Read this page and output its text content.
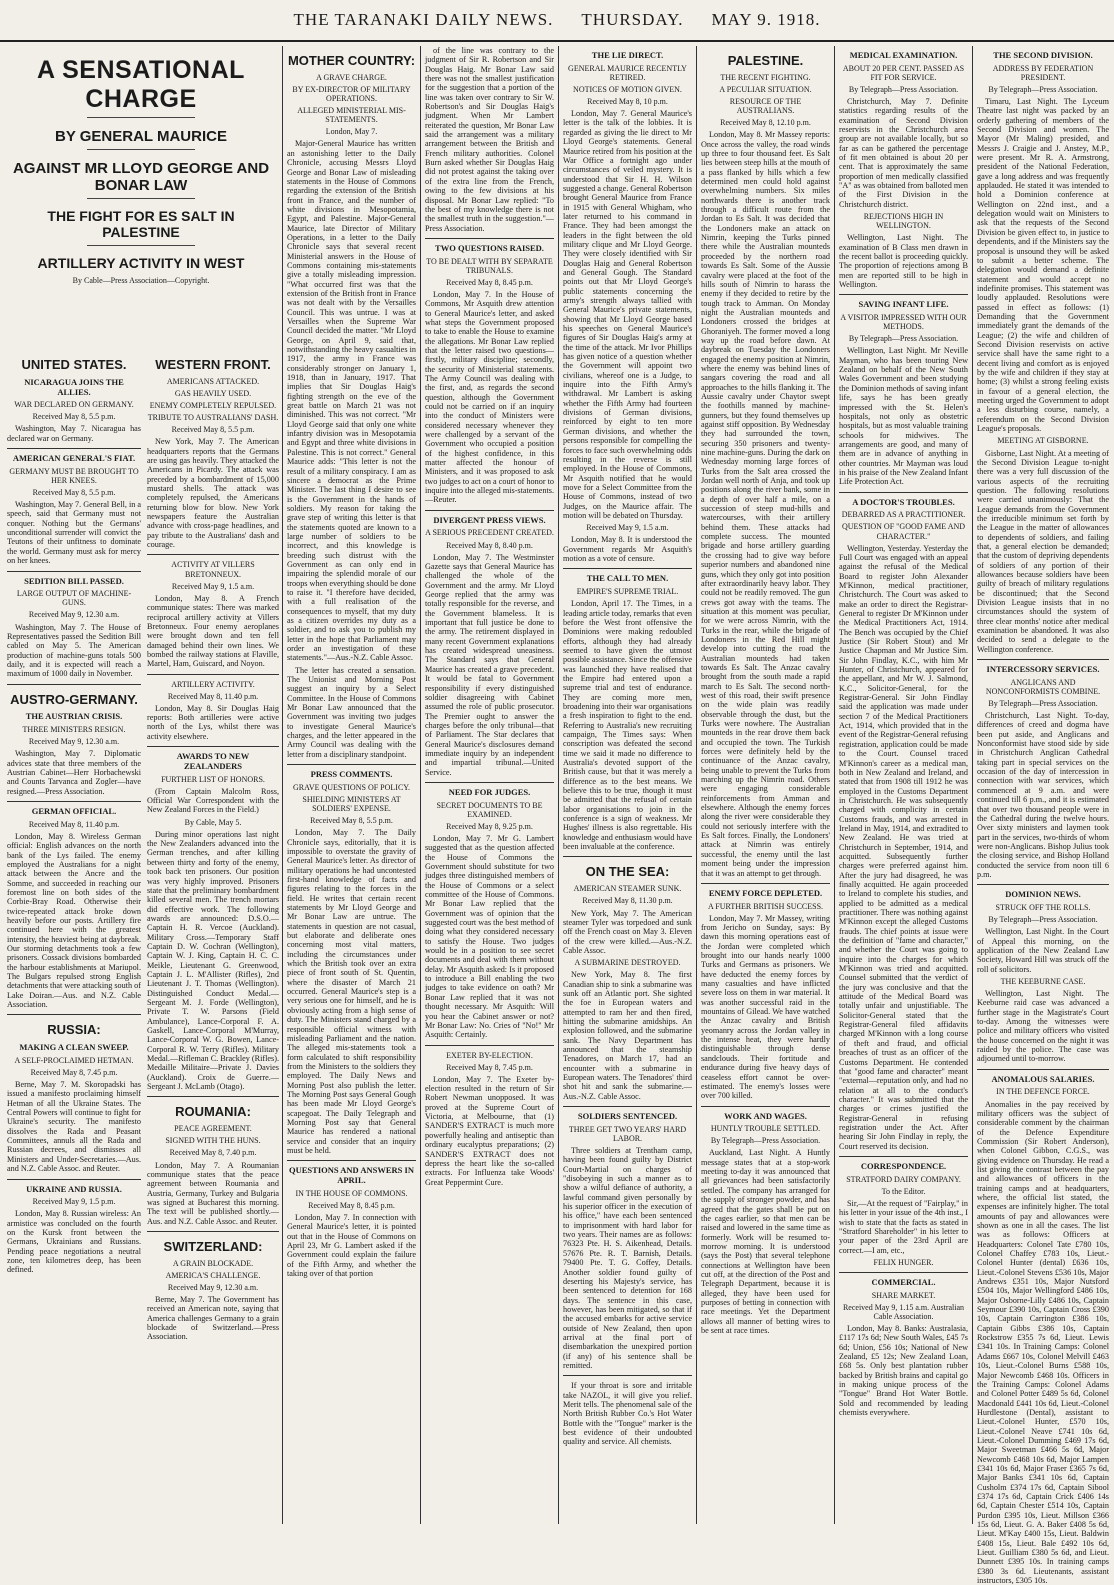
THE TARANAKI DAILY NEWS. THURSDAY. MAY 9. 1918.
A SENSATIONAL CHARGE
BY GENERAL MAURICE
AGAINST MR LLOYD GEORGE AND BONAR LAW
THE FIGHT FOR ES SALT IN PALESTINE
ARTILLERY ACTIVITY IN WEST
By Cable—Press Association—Copyright.
UNITED STATES.
NICARAGUA JOINS THE ALLIES.
WAR DECLARED ON GERMANY.
Received May 8, 5.5 p.m.

Washington, May 7. Nicaragua has declared war on Germany.

AMERICAN GENERAL'S FIAT.
GERMANY MUST BE BROUGHT TO HER KNEES.
Received May 8, 5.5 p.m.

Washington, May 7. General Bell, in a speech, said that Germany must not conquer. Nothing but the Germans' unconditional surrender will convict the Teutons of their unfitness to dominate the world. Germany must ask for mercy on her knees.

SEDITION BILL PASSED.
LARGE OUTPUT OF MACHINE-GUNS.
Received May 9, 12.30 a.m.

Washington, May 7. The House of Representatives passed the Sedition Bill cabled on May 5. The American production of machine-guns totals 500 daily, and it is expected will reach a maximum of 1000 daily in November.

AUSTRO-GERMANY.
THE AUSTRIAN CRISIS.
THREE MINISTERS RESIGN.
Received May 9, 12.30 a.m.

Washington, May 7. Diplomatic advices state that three members of the Austrian Cabinet—Herr Horbachewski and Counts Tarvanca and Zogler—have resigned.—Press Association.

GERMAN OFFICIAL.
Received May 8, 11.40 p.m.

London, May 8. Wireless German official: English advances on the north bank of the Lys failed. The enemy employed the Australians for a night attack between the Ancre and the Somme, and succeeded in reaching our foremost line on both sides of the Corbie-Bray Road. Otherwise their twice-repeated attack broke down heavily before our posts. Artillery fire continued here with the greatest intensity, the heaviest being at daybreak. Our storming detachments took a few prisoners. Cossack divisions bombarded the harbour establishments at Mariupol. The Bulgars repulsed strong English detachments that were attacking south of Lake Doiran.—Aus. and N.Z. Cable Association.

RUSSIA:
MAKING A CLEAN SWEEP.
A SELF-PROCLAIMED HETMAN.
Received May 8, 7.45 p.m.

Berne, May 7. M. Skoropadski has issued a manifesto proclaiming himself Hetman of all the Ukraine States. The Central Powers will continue to fight for Ukraine's security. The manifesto dissolves the Rada and Peasant Committees, annuls all the Rada and Russian decrees, and dismisses all Ministers and Under-Secretaries.—Aus. and N.Z. Cable Assoc. and Reuter.

UKRAINE AND RUSSIA.
Received May 9, 1.5 p.m.

London, May 8. Russian wireless: An armistice was concluded on the fourth on the Kursk front between the Germans, Ukrainians and Russians. Pending peace negotiations a neutral zone, ten kilometres deep, has been defined.

WESTERN FRONT.
AMERICANS ATTACKED.
GAS HEAVILY USED.
ENEMY COMPLETELY REPULSED.
TRIBUTE TO AUSTRALIANS' DASH.
Received May 8, 5.5 p.m.

New York, May 7. The American headquarters reports that the Germans are using gas heavily. They attacked the Americans in Picardy. The attack was preceded by a bombardment of 15,000 mustard shells. The attack was completely repulsed, the Americans returning blow for blow. New York newspapers feature the Australian advance with cross-page headlines, and pay tribute to the Australians' dash and courage.

ACTIVITY AT VILLERS BRETONNEUX.
Received May 9, 1.5 a.m.

London, May 8. A French communique states: There was marked reciprocal artillery activity at Villers Bretonneux. Four enemy aeroplanes were brought down and ten fell damaged behind their own lines. We bombed the railway stations at Flaville, Martel, Ham, Guiscard, and Noyon.

ARTILLERY ACTIVITY.
Received May 8, 11.40 p.m.

London, May 8. Sir Douglas Haig reports: Both artilleries were active north of the Lys, whilst there was activity elsewhere.

AWARDS TO NEW ZEALANDERS
FURTHER LIST OF HONORS.

(From Captain Malcolm Ross, Official War Correspondent with the New Zealand Forces in the Field.)

By Cable, May 5.

During minor operations last night the New Zealanders advanced into the German trenches, and after killing between thirty and forty of the enemy, took back ten prisoners. Our position was very highly improved. Prisoners state that the preliminary bombardment killed several men. The trench mortars did effective work. The following awards are announced: D.S.O.—Captain H. R. Vercoe (Auckland). Military Cross.—Temporary Staff Captain D. W. Cochran (Wellington), Captain W. J. King, Captain H. C. C. Meikle, Lieutenant G. Greenwood, Captain J. L. M'Allister (Rifles), 2nd Lieutenant J. T. Thomas (Wellington). Distinguished Conduct Medal.—Sergeant M. J. Forde (Wellington), Private T. W. Parsons (Field Ambulance), Lance-Corporal F. A. Gaskell, Lance-Corporal M'Murray, Lance-Corporal W. G. Bowen, Lance-Corporal R. W. Terry (Rifles). Military Medal.—Rifleman C. Brackley (Rifles). Medaille Militaire—Private J. Davies (Auckland). Croix de Guerre.—Sergeant J. McLamb (Otago).

ROUMANIA:
PEACE AGREEMENT.
SIGNED WITH THE HUNS.
Received May 8, 7.40 p.m.

London, May 7. A Roumanian communique states that the peace agreement between Roumania and Austria, Germany, Turkey and Bulgaria was signed at Bucharest this morning. The text will be published shortly.—Aus. and N.Z. Cable Assoc. and Reuter.

SWITZERLAND:
A GRAIN BLOCKADE.
AMERICA'S CHALLENGE.
Received May 9, 12.30 a.m.

Berne, May 7. The Government has received an American note, saying that America challenges Germany to a grain blockade of Switzerland.—Press Association.

MOTHER COUNTRY:
A GRAVE CHARGE.
BY EX-DIRECTOR OF MILITARY OPERATIONS.
ALLEGED MINISTERIAL MIS-STATEMENTS.
London, May 7.

Major-General Maurice has written an astonishing letter to the Daily Chronicle, accusing Messrs Lloyd George and Bonar Law of misleading statements in the House of Commons regarding the extension of the British front in France, and the number of white divisions in Mesopotamia, Egypt, and Palestine. Major-General Maurice, late Director of Military Operations, in a letter to the Daily Chronicle says that several recent Ministerial answers in the House of Commons containing mis-statements give a totally misleading impression. "What occurred first was that the extension of the British front in France was not dealt with by the Versailles Council. This was untrue. I was at Versailles when the Supreme War Council decided the matter. "Mr Lloyd George, on April 9, said that, notwithstanding the heavy casualties in 1917, the army in France was considerably stronger on January 1, 1918, than in January, 1917. That implies that Sir Douglas Haig's fighting strength on the eve of the great battle on March 21 was not diminished. This was not correct. "Mr Lloyd George said that only one white infantry division was in Mesopotamia and Egypt and three white divisions in Palestine. This is not correct." General Maurice adds: "This letter is not the result of a military conspiracy. I am as sincere a democrat as the Prime Minister. The last thing I desire to see is the Government in the hands of soldiers. My reason for taking the grave step of writing this letter is that the statements quoted are known to a large number of soldiers to be incorrect, and this knowledge is breeding such distrust with the Government as can only end in impairing the splendid morale of our troops when everything should be done to raise it. "I therefore have decided, with a full realisation of the consequences to myself, that my duty as a citizen overrides my duty as a soldier, and to ask you to publish my letter in the hope that Parliament may order an investigation of these statements."—Aus.-N.Z. Cable Assoc.

The letter has created a sensation. The Unionist and Morning Post suggest an inquiry by a Select Committee. In the House of Commons Mr Bonar Law announced that the Government was inviting two judges to investigate General Maurice's charges, and the letter appeared in the Army Council was dealing with the letter from a disciplinary standpoint.

PRESS COMMENTS.
GRAVE QUESTIONS OF POLICY.
SHIELDING MINISTERS AT SOLDIERS' EXPENSE.
Received May 8, 5.5 p.m.

London, May 7. The Daily Chronicle says, editorially, that it is impossible to overstate the gravity of General Maurice's letter. As director of military operations he had uncontested first-hand knowledge of facts and figures relating to the forces in the field. He writes that certain recent statements by Mr Lloyd George and Mr Bonar Law are untrue. The statements in question are not casual, but elaborate and deliberate ones concerning most vital matters, including the circumstances under which the British took over an extra piece of front south of St. Quentin, where the disaster of March 21 occurred. General Maurice's step is a very serious one for himself, and he is obviously acting from a high sense of duty. The Ministers stand charged by a responsible official witness with misleading Parliament and the nation. The alleged mis-statements took a form calculated to shift responsibility from the Ministers to the soldiers they employed. The Daily News and Morning Post also publish the letter. The Morning Post says General Gough has been made Mr Lloyd George's scapegoat. The Daily Telegraph and Morning Post say that General Maurice has rendered a national service and consider that an inquiry must be held.

QUESTIONS AND ANSWERS IN APRIL.
IN THE HOUSE OF COMMONS.
Received May 8, 8.45 p.m.

London, May 7. In connection with General Maurice's letter, it is pointed out that in the House of Commons on April 23, Mr G. Lambert asked if the Government could explain the failure of the Fifth Army, and whether the taking over of that portion

of the line was contrary to the judgment of Sir R. Robertson and Sir Douglas Haig. Mr Bonar Law said there was not the smallest justification for the suggestion that a portion of the line was taken over contrary to Sir W. Robertson's and Sir Douglas Haig's judgment. When Mr Lambert reiterated the question, Mr Bonar Law said the arrangement was a military arrangement between the British and French military authorities. Colonel Burn asked whether Sir Douglas Haig did not protest against the taking over of the extra line from the French, owing to the few divisions at his disposal. Mr Bonar Law replied: "To the best of my knowledge there is not the smallest truth in the suggestion."—Press Association.

TWO QUESTIONS RAISED.
TO BE DEALT WITH BY SEPARATE TRIBUNALS.
Received May 8, 8.45 p.m.

London, May 7. In the House of Commons, Mr Asquith drew attention to General Maurice's letter, and asked what steps the Government proposed to take to enable the House to examine the allegations. Mr Bonar Law replied that the letter raised two questions—firstly, military discipline; secondly, the security of Ministerial statements. The Army Council was dealing with the first, and, as regards the second question, although the Government could not be carried on if an inquiry into the conduct of Ministers were considered necessary whenever they were challenged by a servant of the Government who occupied a position of the highest confidence, in this matter affected the honour of Ministers, and it was proposed to ask two judges to act on a court of honor to inquire into the alleged mis-statements.—Reuter.

DIVERGENT PRESS VIEWS.
A SERIOUS PRECEDENT CREATED.
Received May 8, 8.40 p.m.

London, May 7. The Westminster Gazette says that General Maurice has challenged the whole of the Government and the army. Mr Lloyd George replied that the army was totally responsible for the reverse, and the Government blameless. It is important that full justice be done to the army. The retirement displayed in many recent Government explanations has created widespread uneasiness. The Standard says that General Maurice has created a grave precedent. It would be fatal to Government responsibility if every distinguished soldier disagreeing with Cabinet assumed the role of public prosecutor. The Premier ought to answer the charges before the only tribunal—that of Parliament. The Star declares that General Maurice's disclosures demand immediate inquiry by an independent and impartial tribunal.—United Service.

NEED FOR JUDGES.
SECRET DOCUMENTS TO BE EXAMINED.
Received May 8, 9.25 p.m.

London, May 7. Mr G. Lambert suggested that as the question affected the House of Commons the Government should substitute for two judges three distinguished members of the House of Commons or a select committee of the House of Commons. Mr Bonar Law replied that the Government was of opinion that the suggested court was the best method of doing what they considered necessary to satisfy the House. Two judges would be in a position to see secret documents and deal with them without delay. Mr Asquith asked: Is it proposed to introduce a Bill enabling the two judges to take evidence on oath? Mr Bonar Law replied that it was not thought necessary. Mr Asquith: Will you hear the Cabinet answer or not? Mr Bonar Law: No. Cries of "No!" Mr Asquith: Certainly.

EXETER BY-ELECTION.
Received May 8, 7.45 p.m.

London, May 7. The Exeter by-election resulted in the return of Sir Robert Newman unopposed. It was proved at the Supreme Court of Victoria, at Melbourne, that (1) SANDER'S EXTRACT is much more powerfully healing and antiseptic than ordinary eucalyptus preparations; (2) SANDER'S EXTRACT does not depress the heart like the so-called extracts. For Influenza take Woods' Great Peppermint Cure.

THE LIE DIRECT.
GENERAL MAURICE RECENTLY RETIRED.
NOTICES OF MOTION GIVEN.
Received May 8, 10 p.m.

London, May 7. General Maurice's letter is the talk of the lobbies. It is regarded as giving the lie direct to Mr Lloyd George's statements. General Maurice retired from his position at the War Office a fortnight ago under circumstances of veiled mystery. It is understood that Sir H. H. Wilson suggested a change. General Robertson brought General Maurice from France in 1915 with General Whigham, who later returned to his command in France. They had been amongst the leaders in the fight between the old military clique and Mr Lloyd George. They were closely identified with Sir Douglas Haig and General Robertson and General Gough. The Standard points out that Mr Lloyd George's public statements concerning the army's strength always tallied with General Maurice's private statements, showing that Mr Lloyd George based his speeches on General Maurice's figures of Sir Douglas Haig's army at the time of the attack. Mr Ivor Phillips has given notice of a question whether the Government will appoint two civilians, whereof one is a Judge, to inquire into the Fifth Army's withdrawal. Mr Lambert is asking whether the Fifth Army had fourteen divisions of German divisions, reinforced by eight to ten more German divisions, and whether the persons responsible for compelling the forces to face such overwhelming odds resulting in the reverse is still employed. In the House of Commons, Mr Asquith notified that he would move for a Select Committee from the House of Commons, instead of two Judges, on the Maurice affair. The motion will be debated on Thursday.

Received May 9, 1.5 a.m.

London, May 8. It is understood the Government regards Mr Asquith's motion as a vote of censure.

THE CALL TO MEN.
EMPIRE'S SUPREME TRIAL.

London, April 17. The Times, in a leading article today, remarks that even before the West front offensive the Dominions were making redoubled efforts, although they had already seemed to have given the utmost possible assistance. Since the offensive was launched they have realised that the Empire had entered upon a supreme trial and test of endurance. They are coming more men, broadening into their war organisations a fresh inspiration to fight to the end. Referring to Australia's new recruiting campaign, The Times says: When conscription was defeated the second time we said it made no difference to Australia's devoted support of the British cause, but that it was merely a difference as to the best means. We believe this to be true, though it must be admitted that the refusal of certain labor organisations to join in the conference is a sign of weakness. Mr Hughes' illness is also regrettable. His knowledge and enthusiasm would have been invaluable at the conference.

ON THE SEA:
AMERICAN STEAMER SUNK.
Received May 8, 11.30 p.m.

New York, May 7. The American steamer Tyler was torpedoed and sunk off the French coast on May 3. Eleven of the crew were killed.—Aus.-N.Z. Cable Assoc.

A SUBMARINE DESTROYED.

New York, May 8. The first Canadian ship to sink a submarine was sunk off an Atlantic port. She sighted the foe in European waters and attempted to ram her and then fired, hitting the submarine amidships. An explosion followed, and the submarine sank. The Navy Department has announced that the steamship Tenadores, on March 17, had an encounter with a submarine in European waters. The Tenadores' third shot hit and sank the submarine.—Aus.-N.Z. Cable Assoc.

SOLDIERS SENTENCED.
THREE GET TWO YEARS' HARD LABOR.

Three soldiers at Trentham camp, having been found guilty by District Court-Martial on charges of "disobeying in such a manner as to show a wilful defiance of authority, a lawful command given personally by his superior officer in the execution of his office," have each been sentenced to imprisonment with hard labor for two years. Their names are as follows: 76323 Pte. H. S. Aikenhead, Details. 57676 Pte. R. T. Barnish, Details. 79400 Pte. T. G. Coffey, Details. Another soldier found guilty of deserting his Majesty's service, has been sentenced to detention for 168 days. The sentence in this case, however, has been mitigated, so that if the accused embarks for active service outside of New Zealand, then upon arrival at the final port of disembarkation the unexpired portion (if any) of his sentence shall be remitted.

If your throat is sore and irritable take NAZOL, it will give you relief. Merit tells. The phenomenal sale of the North British Rubber Co.'s Hot Water Bottle with the "Tongue" marker is the best evidence of their undoubted quality and service. All chemists.

PALESTINE.
THE RECENT FIGHTING.
A PECULIAR SITUATION.
RESOURCE OF THE AUSTRALIANS.
Received May 8, 12.10 p.m.

London, May 8. Mr Massey reports: Once across the valley, the road winds up three to four thousand feet. Es Salt lies between steep hills at the mouth of a pass flanked by hills which a few determined men could hold against overwhelming numbers. Six miles northwards there is another track through a difficult route from the Jordan to Es Salt. It was decided that the Londoners make an attack on Nimrin, keeping the Turks pinned there while the Australian mounteds proceeded by the northern road towards Es Salt. Some of the Aussie cavalry were placed at the foot of the hills south of Nimrin to harass the enemy if they decided to retire by the tough track to Amman. On Monday night the Australian mounteds and Londoners crossed the bridges at Ghoraniyeh. The former moved a long way up the road before dawn. At daybreak on Tuesday the Londoners engaged the enemy position at Nimrin, where the enemy was behind lines of sangars covering the road and all approaches to the hills flanking it. The Aussie cavalry under Chaytor swept the foothills manned by machine-gunners, but they found themselves up against stiff opposition. By Wednesday they had surrounded the town, securing 350 prisoners and twenty-nine machine-guns. During the dark on Wednesday morning large forces of Turks from the Salt area crossed the Jordan well north of Anja, and took up positions along the river bank, some in a depth of over half a mile, on a succession of steep mud-hills and watercourses, with their artillery behind them. These attacks had complete success. The mounted brigade and horse artillery guarding the crossing had to give way before superior numbers and abandoned nine guns, which they only got into position after extraordinarily heavy labor. They could not be readily removed. The gun crews got away with the teams. The situation at this moment was peculiar, for we were across Nimrin, with the Turks in the rear, while the brigade of Londoners in the Red Hill might develop into cutting the road the Australian mounteds had taken towards Es Salt. The Anzac cavalry brought from the south made a rapid march to Es Salt. The second north-west of this road, their swift presence on the wide plain was readily observable through the dust, but the Turks were nowhere. The Australian mounteds in the rear drove them back and occupied the town. The Turkish forces were definitely held by the continuance of the Anzac cavalry, being unable to prevent the Turks from marching up the Nimrin road. Others were engaging considerable reinforcements from Amman and elsewhere. Although the enemy forces along the river were considerable they could not seriously interfere with the Es Salt forces. Finally, the Londoners' attack at Nimrin was entirely successful, the enemy until the last moment being under the impression that it was an attempt to get through.

ENEMY FORCE DEPLETED.
A FURTHER BRITISH SUCCESS.

London, May 7. Mr Massey, writing from Jericho on Sunday, says: By dawn this morning operations east of the Jordan were completed which brought into our hands nearly 1000 Turks and Germans as prisoners. We have deducted the enemy forces by many casualties and have inflicted severe loss on them in war material. It was another successful raid in the mountains of Gilead. We have watched the Anzac cavalry and British yeomanry across the Jordan valley in the intense heat, they were hardly distinguishable through dense sandclouds. Their fortitude and endurance during five heavy days of ceaseless effort cannot be over-estimated. The enemy's losses were over 700 killed.

WORK AND WAGES.
HUNTLY TROUBLE SETTLED.
By Telegraph—Press Association.

Auckland, Last Night. A Huntly message states that at a stop-work meeting to-day it was announced that all grievances had been satisfactorily settled. The company has arranged for the supply of stronger powder, and has agreed that the gates shall be put on the cages earlier, so that men can be raised and lowered in the same time as formerly. Work will be resumed to-morrow morning. It is understood (says the Post) that several telephone connections at Wellington have been cut off, at the direction of the Post and Telegraph Department, because it is alleged, they have been used for purposes of betting in connection with race meetings. Yet the Department allows all manner of betting wires to be sent at race times.

MEDICAL EXAMINATION.
ABOUT 20 PER CENT. PASSED AS FIT FOR SERVICE.
By Telegraph—Press Association.

Christchurch, May 7. Definite statistics regarding results of the examination of Second Division reservists in the Christchurch area group are not available locally, but so far as can be gathered the percentage of fit men obtained is about 20 per cent. That is approximately the same proportion of men medically classified "A" as was obtained from balloted men of the First Division in the Christchurch district.

REJECTIONS HIGH IN WELLINGTON.

Wellington, Last Night. The examination of B Class men drawn in the recent ballot is proceeding quickly. The proportion of rejections among B men are reported still to be high in Wellington.

SAVING INFANT LIFE.
A VISITOR IMPRESSED WITH OUR METHODS.
By Telegraph—Press Association.

Wellington, Last Night. Mr Neville Mayman, who has been touring New Zealand on behalf of the New South Wales Government and been studying the Dominion methods of saving infant life, says he has been greatly impressed with the St. Helen's hospitals, not only as obstetric hospitals, but as most valuable training schools for midwives. The arrangements are good, and many of them are in advance of anything in other countries. Mr Mayman was loud in his praise of the New Zealand Infant Life Protection Act.

A DOCTOR'S TROUBLES.
DEBARRED AS A PRACTITIONER.
QUESTION OF "GOOD FAME AND CHARACTER."

Wellington, Yesterday. Yesterday the Full Court was engaged with an appeal against the refusal of the Medical Board to register John Alexander M'Kinnon, medical practitioner, Christchurch. The Court was asked to make an order to direct the Registrar-General to register Dr M'Kinnon under the Medical Practitioners Act, 1914. The Bench was occupied by the Chief Justice (Sir Robert Stout) and Mr Justice Chapman and Mr Justice Sim. Sir John Findlay, K.C., with him Mr Hunter, of Christchurch, appeared for the appellant, and Mr W. J. Salmond, K.C., Solicitor-General, for the Registrar-General. Sir John Findlay said the application was made under section 7 of the Medical Practitioners Act, 1914, which provided that in the event of the Registrar-General refusing registration, application could be made to the Court. Counsel traced M'Kinnon's career as a medical man, both in New Zealand and Ireland, and stated that from 1908 till 1912 he was employed in the Customs Department in Christchurch. He was subsequently charged with complicity in certain Customs frauds, and was arrested in Ireland in May, 1914, and extradited to New Zealand. He was tried at Christchurch in September, 1914, and acquitted. Subsequently further charges were preferred against him. After the jury had disagreed, he was finally acquitted. He again proceeded to Ireland to complete his studies, and applied to be admitted as a medical practitioner. There was nothing against M'Kinnon except the alleged Customs frauds. The chief points at issue were the definition of "fame and character," and whether the Court was going to inquire into the charges for which M'Kinnon was tried and acquitted. Counsel submitted that the verdict of the jury was conclusive and that the attitude of the Medical Board was totally unfair and unjustifiable. The Solicitor-General stated that the Registrar-General filed affidavits charged M'Kinnon with a long course of theft and fraud, and official breaches of trust as an officer of the Customs Department. He contended that "good fame and character" meant "external—reputation only, and had no relation at all to the conduct's character." It was submitted that the charges or crimes justified the Registrar-General in refusing registration under the Act. After hearing Sir John Findlay in reply, the Court reserved its decision.

CORRESPONDENCE.
STRATFORD DAIRY COMPANY.
To the Editor.

Sir,—At the request of "Fairplay," in his letter in your issue of the 4th inst., I wish to state that the facts as stated in "Stratford Shareholder" in his letter to your paper of the 23rd April are correct.—I am, etc.,

FELIX HUNGER.
COMMERCIAL.
SHARE MARKET.
Received May 9, 1.15 a.m. Australian Cable Association.

London, May 8. Banks: Australasia, £117 17s 6d; New South Wales, £45 7s 6d; Union, £56 10s; National of New Zealand, £5 12s; New Zealand Loan, £68 5s. Only best plantation rubber backed by British brains and capital go in making unique process of the "Tongue" Brand Hot Water Bottle. Sold and recommended by leading chemists everywhere.

THE SECOND DIVISION.
ADDRESS BY FEDERATION PRESIDENT.
By Telegraph—Press Association.

Timaru, Last Night. The Lyceum Theatre last night was packed by an orderly gathering of members of the Second Division and women. The Mayor (Mr Maling) presided, and Messrs J. Craigie and J. Anstey, M.P., were present. Mr R. A. Armstrong, president of the National Federation, gave a long address and was frequently applauded. He stated it was intended to hold a Dominion conference at Wellington on 22nd inst., and a delegation would wait on Ministers to ask that the requests of the Second Division be given effect to, in justice to dependents, and if the Ministers say the proposal is unsound they will be asked to submit a better scheme. The delegation would demand a definite statement and would accept no indefinite promises. This statement was loudly applauded. Resolutions were passed in effect as follows: (1) Demanding that the Government immediately grant the demands of the League; (2) the wife and children of Second Division reservists on active service shall have the same right to a decent living and comfort as is enjoyed by the wife and children if they stay at home; (3) whilst a strong feeling exists in favour of a general election, the meeting urged the Government to adopt a less disturbing course, namely, a referendum on the Second Division League's proposals.

MEETING AT GISBORNE.

Gisborne, Last Night. At a meeting of the Second Division League to-night there was a very full discussion of the various aspects of the recruiting question. The following resolutions were carried unanimously: That the League demands from the Government the irreducible minimum set forth by the League in the matter of allowances to dependents of soldiers, and failing that, a general election be demanded; that the custom of depriving dependents of soldiers of any portion of their allowances because soldiers have been guilty of breach of military regulations be discontinued; that the Second Division League insists that in no circumstances should the system of three clear months' notice after medical examination be abandoned. It was also decided to send a delegate to the Wellington conference.

INTERCESSORY SERVICES.
ANGLICANS AND NONCONFORMISTS COMBINE.
By Telegraph—Press Association.

Christchurch, Last Night. To-day, differences of creed and dogma have been put aside, and Anglicans and Nonconformist have stood side by side in Christchurch Anglican Cathedral taking part in special services on the occasion of the day of intercession in connection with war services, which commenced at 9 a.m. and were continued till 6 p.m., and it is estimated that over two thousand people were in the Cathedral during the twelve hours. Over sixty ministers and laymen took part in the services, two-thirds of whom were non-Anglicans. Bishop Julius took the closing service, and Bishop Holland conducted the service from noon till 6 p.m.

DOMINION NEWS.
STRUCK OFF THE ROLLS.
By Telegraph—Press Association.

Wellington, Last Night. In the Court of Appeal this morning, on the application of the New Zealand Law Society, Howard Hill was struck off the roll of solicitors.

THE KEEBURNE CASE.

Wellington, Last Night. The Keeburne raid case was advanced a further stage in the Magistrate's Court to-day. Among the witnesses were police and military officers who visited the house concerned on the night it was raided by the police. The case was adjourned until to-morrow.

ANOMALOUS SALARIES.
IN THE DEFENCE FORCE.

Anomalies in the pay received by military officers was the subject of considerable comment by the chairman of the Defence Expenditure Commission (Sir Robert Anderson), when Colonel Gibbon, C.G.S., was giving evidence on Thursday. He read a list giving the contrast between the pay and allowances of officers in the training camps and at headquarters, where, the official list stated, the expenses are infinitely higher. The total amounts of pay and allowances were shown as one in all the cases. The list was as follows: Officers at Headquarters: Colonel Tate £780 10s, Colonel Chaffey £783 10s, Lieut.-Colonel Hunter (dental) £636 10s, Lieut.-Colonel Stevens £536 10s, Major Andrews £351 10s, Major Nutsford £504 10s, Major Wellingford £486 10s, Major Osborne-Lilly £486 10s, Captain Seymour £390 10s, Captain Cross £390 10s, Captain Carrington £386 10s, Captain Gibbs £386 10s, Captain Rockstrow £355 7s 6d, Lieut. Lewis £341 10s. In Training Camps: Colonel Adams £667 10s, Colonel Melvill £463 10s, Lieut.-Colonel Burns £588 10s, Major Newcomb £468 10s. Officers in the Training Camps: Colonel Adams and Colonel Potter £489 5s 6d, Colonel Macdonald £441 10s 6d, Lieut.-Colonel Hurdlestone (Dental), assistant to Lieut.-Colonel Hunter, £570 10s, Lieut.-Colonel Neave £741 10s 6d, Lieut.-Colonel Dumming £469 17s 6d, Major Sweetman £466 5s 6d, Major Newcomb £468 10s 6d, Major Lampen £341 10s 6d, Major Fraser £365 7s 6d, Major Banks £341 10s 6d, Captain Cusholm £374 17s 6d, Captain Sibool £374 17s 6d, Captain Crick £406 14s 6d, Captain Chester £514 10s, Captain Purdon £395 10s, Lieut. Millson £366 15s 6d, Lieut. G. A. Baker £408 5s 6d, Lieut. M'Kay £400 15s, Lieut. Baldwin £408 15s, Lieut. Bale £492 10s 6d, Lieut. Guilliam £380 5s 6d, and Lieut. Dunnett £395 10s. In training camps £380 3s 6d. Lieutenants, assistant instructors, £305 10s.
